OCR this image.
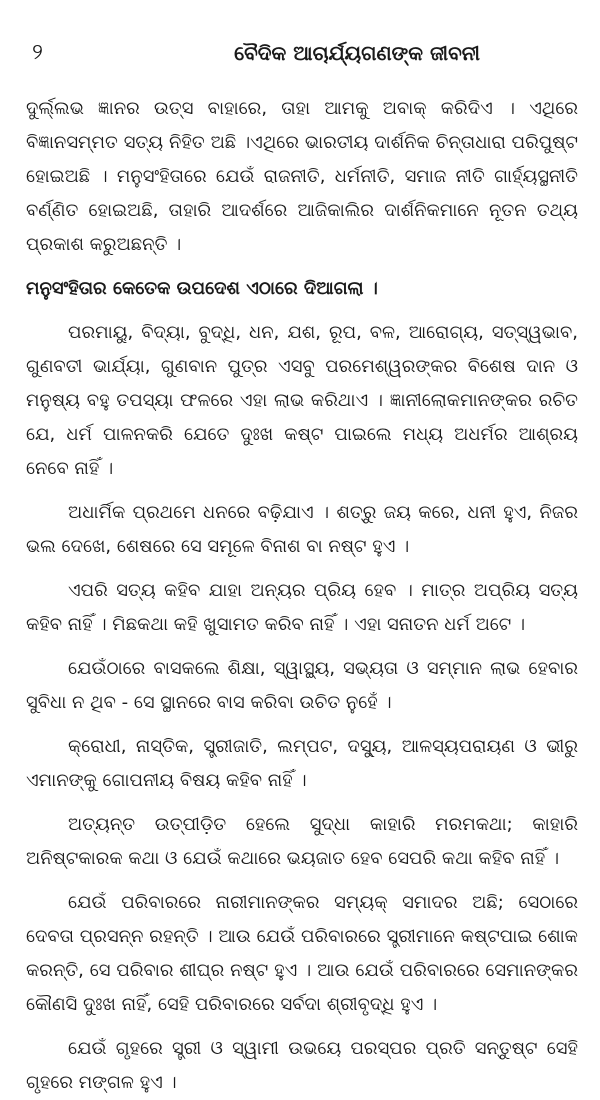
୨	ବୈଦିକ ଆଚାର୍ଯ୍ୟଗଣଙ୍କ ଜୀବନୀ

ଦୁର୍ଲ୍ଲଭ ଜ୍ଞାନର ଉତ୍ସ ବାହାରେ, ତାହା ଆମକୁ ଅବାକ୍ କରିଦିଏ । ଏଥିରେ ବିଜ୍ଞାନସମ୍ମତ ସତ୍ୟ ନିହିତ ଅଛି ।ଏଥିରେ ଭାରତୀୟ ଦାର୍ଶନିକ ଚିନ୍ତାଧାରା ପରିପୁଷ୍ଟ ହୋଇଅଛି । ମନୁସଂହିତାରେ ଯେଉଁ ରାଜନୀତି, ଧର୍ମନୀତି, ସମାଜ ନୀତି ଗାର୍ହ୍ୟସ୍ଥନୀତି ବର୍ଣ୍ଣିତ ହୋଇଅଛି, ତାହାରି ଆଦର୍ଶରେ ଆଜିକାଲିର ଦାର୍ଶନିକମାନେ ନୂତନ ତଥ୍ୟ ପ୍ରକାଶ କରୁଅଛନ୍ତି ।

ମନୁସଂହିତାର କେତେକ ଉପଦେଶ ଏଠାରେ ଦିଆଗଲା ।

ପରମାୟୁ, ବିଦ୍ୟା, ବୁଦ୍ଧି, ଧନ, ଯଶ, ରୂପ, ବଳ, ଆରୋଗ୍ୟ, ସତ୍‌ସ୍ୱଭାବ, ଗୁଣବତୀ ଭାର୍ଯ୍ୟା, ଗୁଣବାନ ପୁତ୍ର ଏସବୁ ପରମେଶ୍ୱରଙ୍କର ବିଶେଷ ଦାନ ଓ ମନୁଷ୍ୟ ବହୁ ତପସ୍ୟା ଫଳରେ ଏହା ଲାଭ କରିଥାଏ । ଜ୍ଞାନୀଲୋକମାନଙ୍କର ରଚିତ ଯେ, ଧର୍ମ ପାଳନକରି ଯେତେ ଦୁଃଖ କଷ୍ଟ ପାଇଲେ ମଧ୍ୟ ଅଧର୍ମର ଆଶ୍ରୟ ନେବେ ନାହିଁ ।

ଅଧାର୍ମିକ ପ୍ରଥମେ ଧନରେ ବଢ଼ିଯାଏ । ଶତ୍ରୁ ଜୟ କରେ, ଧନୀ ହୁଏ, ନିଜର ଭଲ ଦେଖେ, ଶେଷରେ ସେ ସମୂଳେ ବିନାଶ ବା ନଷ୍ଟ ହୁଏ ।

ଏପରି ସତ୍ୟ କହିବ ଯାହା ଅନ୍ୟର ପ୍ରିୟ ହେବ । ମାତ୍ର ଅପ୍ରିୟ ସତ୍ୟ କହିବ ନାହିଁ । ମିଛକଥା କହି ଖୁସାମତ କରିବ ନାହିଁ । ଏହା ସନାତନ ଧର୍ମ ଅଟେ ।

ଯେଉଁଠାରେ ବାସକଲେ ଶିକ୍ଷା, ସ୍ୱାସ୍ଥ୍ୟ, ସଭ୍ୟତା ଓ ସମ୍ମାନ ଲାଭ ହେବାର ସୁବିଧା ନ ଥିବ - ସେ ସ୍ଥାନରେ ବାସ କରିବା ଉଚିତ ନୁହେଁ ।

କ୍ରୋଧୀ, ନାସ୍ତିକ, ସ୍ତ୍ରୀଜାତି, ଲମ୍ପଟ, ଦସ୍ୟୁ, ଆଳସ୍ୟପରାୟଣ ଓ ଭୀରୁ ଏମାନଙ୍କୁ ଗୋପନୀୟ ବିଷୟ କହିବ ନାହିଁ ।

ଅତ୍ୟନ୍ତ ଉତ୍ପୀଡ଼ିତ ହେଲେ ସୁଦ୍ଧା କାହାରି ମରମକଥା; କାହାରି ଅନିଷ୍ଟକାରକ କଥା ଓ ଯେଉଁ କଥାରେ ଭୟଜାତ ହେବ ସେପରି କଥା କହିବ ନାହିଁ ।

ଯେଉଁ ପରିବାରରେ ନାରୀମାନଙ୍କର ସମ୍ୟକ୍ ସମାଦର ଅଛି; ସେଠାରେ ଦେବତା ପ୍ରସନ୍ନ ରହନ୍ତି । ଆଉ ଯେଉଁ ପରିବାରରେ ସ୍ତ୍ରୀମାନେ କଷ୍ଟପାଇ ଶୋକ କରନ୍ତି, ସେ ପରିବାର ଶୀଘ୍ର ନଷ୍ଟ ହୁଏ । ଆଉ ଯେଉଁ ପରିବାରରେ ସେମାନଙ୍କର କୌଣସି ଦୁଃଖ ନାହିଁ, ସେହି ପରିବାରରେ ସର୍ବଦା ଶ୍ରୀବୃଦ୍ଧି ହୁଏ ।

ଯେଉଁ ଗୃହରେ ସ୍ତ୍ରୀ ଓ ସ୍ୱାମୀ ଉଭୟେ ପରସ୍ପର ପ୍ରତି ସନ୍ତୁଷ୍ଟ ସେହି ଗୃହରେ ମଙ୍ଗଳ ହୁଏ ।
